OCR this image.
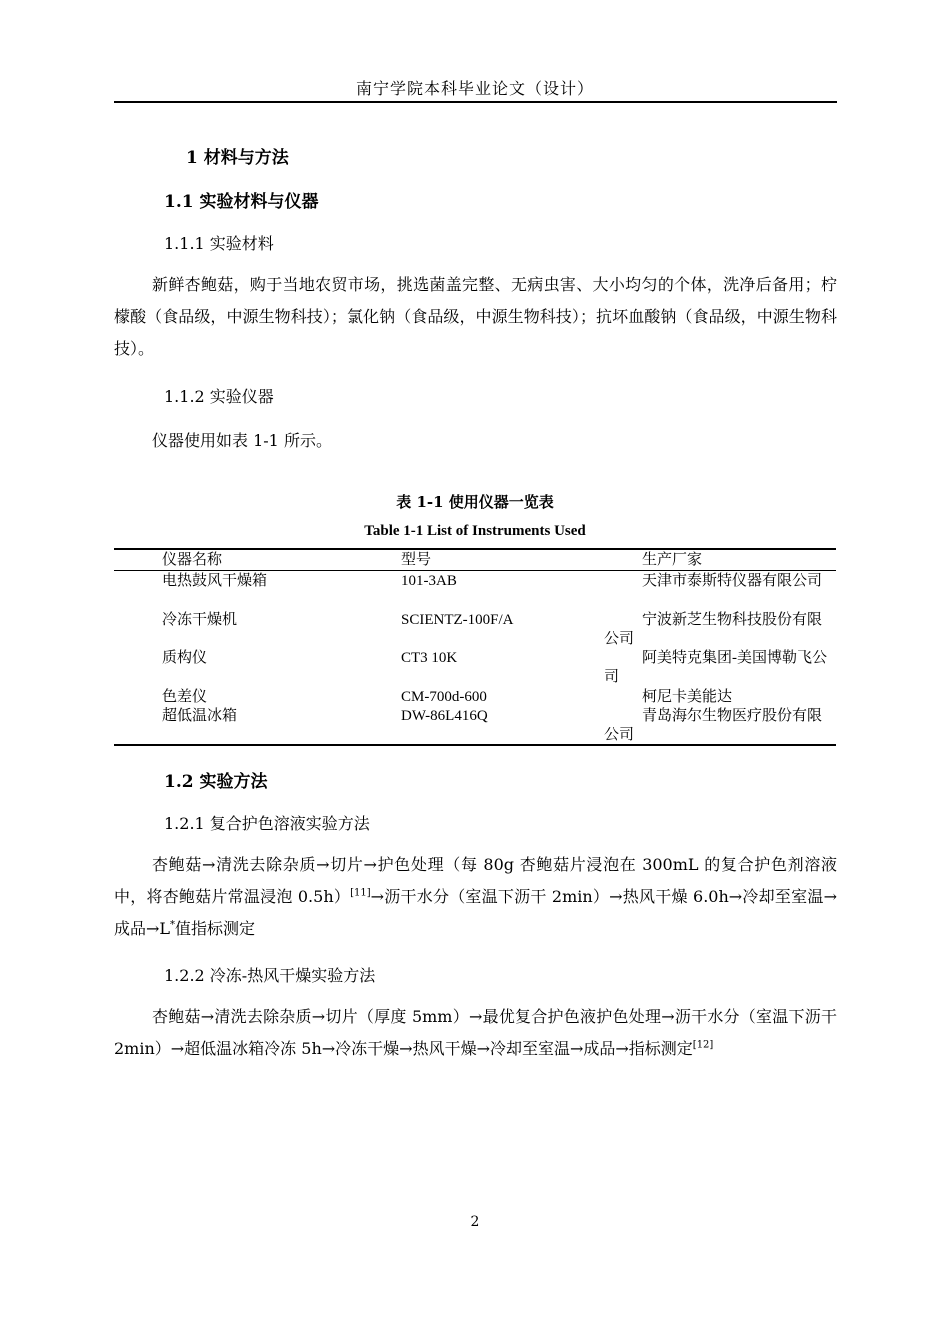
南宁学院本科毕业论文（设计）
1 材料与方法
1.1 实验材料与仪器
1.1.1 实验材料
新鲜杏鲍菇，购于当地农贸市场，挑选菌盖完整、无病虫害、大小均匀的个体，洗净后备用；柠檬酸（食品级，中源生物科技）；氯化钠（食品级，中源生物科技）；抗坏血酸钠（食品级，中源生物科技）。
1.1.2 实验仪器
仪器使用如表 1-1 所示。
表 1-1 使用仪器一览表
Table 1-1 List of Instruments Used
仪器名称	型号	生产厂家
电热鼓风干燥箱	101-3AB	天津市泰斯特仪器有限公司
冷冻干燥机	SCIENTZ-100F/A	宁波新芝生物科技股份有限公司
质构仪	CT3 10K	阿美特克集团-美国博勒飞公司
色差仪	CM-700d-600	柯尼卡美能达
超低温冰箱	DW-86L416Q	青岛海尔生物医疗股份有限公司
1.2 实验方法
1.2.1 复合护色溶液实验方法
杏鲍菇→清洗去除杂质→切片→护色处理（每 80g 杏鲍菇片浸泡在 300mL 的复合护色剂溶液中，将杏鲍菇片常温浸泡 0.5h）[11]→沥干水分（室温下沥干 2min）→热风干燥 6.0h→冷却至室温→成品→L*值指标测定
1.2.2 冷冻-热风干燥实验方法
杏鲍菇→清洗去除杂质→切片（厚度 5mm）→最优复合护色液护色处理→沥干水分（室温下沥干 2min）→超低温冰箱冷冻 5h→冷冻干燥→热风干燥→冷却至室温→成品→指标测定[12]
2
